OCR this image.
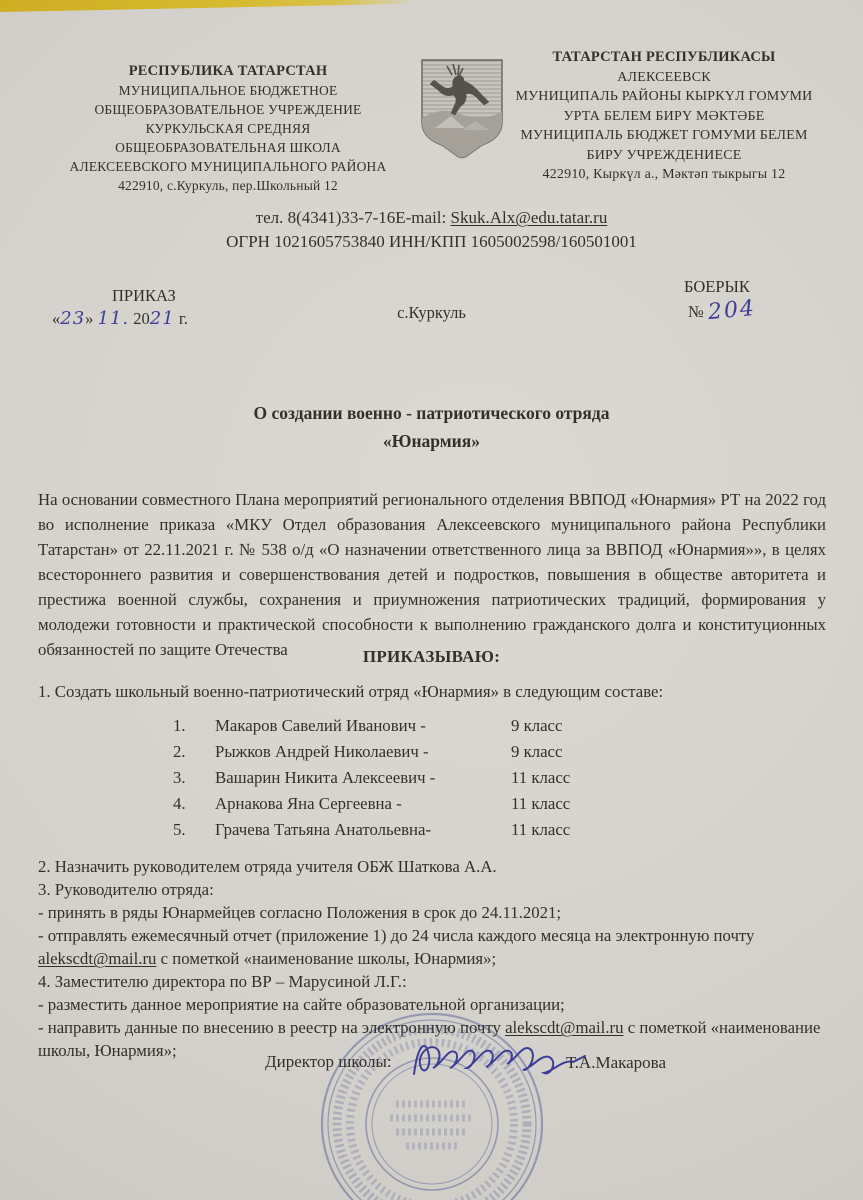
РЕСПУБЛИКА ТАТАРСТАН
МУНИЦИПАЛЬНОЕ БЮДЖЕТНОЕ
ОБЩЕОБРАЗОВАТЕЛЬНОЕ УЧРЕЖДЕНИЕ
КУРКУЛЬСКАЯ СРЕДНЯЯ
ОБЩЕОБРАЗОВАТЕЛЬНАЯ ШКОЛА
АЛЕКСЕЕВСКОГО МУНИЦИПАЛЬНОГО РАЙОНА
422910, с.Куркуль, пер.Школьный 12
ТАТАРСТАН РЕСПУБЛИКАСЫ
АЛЕКСЕЕВСК
МУНИЦИПАЛЬ РАЙОНЫ КЫРКҮЛ ГОМУМИ
УРТА БЕЛЕМ БИРҮ МӘКТӘБЕ
МУНИЦИПАЛЬ БЮДЖЕТ ГОМУМИ БЕЛЕМ
БИРУ УЧРЕЖДЕНИЕСЕ
422910, Кыркүл а., Мәктәп тыкрыгы 12
тел. 8(4341)33-7-16Е-mail: Skuk.Alx@edu.tatar.ru
ОГРН 1021605753840 ИНН/КПП 1605002598/160501001
ПРИКАЗ
«23» 11. 2021 г.	с.Куркуль
БОЕРЫК
№ 204
О создании военно - патриотического отряда
«Юнармия»
На основании совместного Плана мероприятий регионального отделения ВВПОД «Юнармия» РТ на 2022 год во исполнение приказа «МКУ Отдел образования Алексеевского муниципального района Республики Татарстан» от 22.11.2021 г. № 538 о/д «О назначении ответственного лица за ВВПОД «Юнармия»», в целях всестороннего развития и совершенствования детей и подростков, повышения в обществе авторитета и престижа военной службы, сохранения и приумножения патриотических традиций, формирования у молодежи готовности и практической способности к выполнению гражданского долга и конституционных обязанностей по защите Отечества	ПРИКАЗЫВАЮ:
1. Создать школьный военно-патриотический отряд «Юнармия» в следующим составе:
1.	Макаров Савелий Иванович -	9 класс
2.	Рыжков Андрей Николаевич -	9 класс
3.	Вашарин Никита Алексеевич -	11 класс
4.	Арнакова Яна Сергеевна -	11 класс
5.	Грачева Татьяна Анатольевна-	11 класс
2. Назначить руководителем отряда учителя ОБЖ Шаткова А.А.
3. Руководителю отряда:
- принять в ряды Юнармейцев согласно Положения в срок до 24.11.2021;
- отправлять ежемесячный отчет (приложение 1) до 24 числа каждого месяца на электронную почту alekscdt@mail.ru с пометкой «наименование школы, Юнармия»;
4. Заместителю директора по ВР – Марусиной Л.Г.:
- разместить данное мероприятие на сайте образовательной организации;
- направить данные по внесению в реестр на электронную почту alekscdt@mail.ru с пометкой «наименование школы, Юнармия»;
Директор школы:	Т.А.Макарова
